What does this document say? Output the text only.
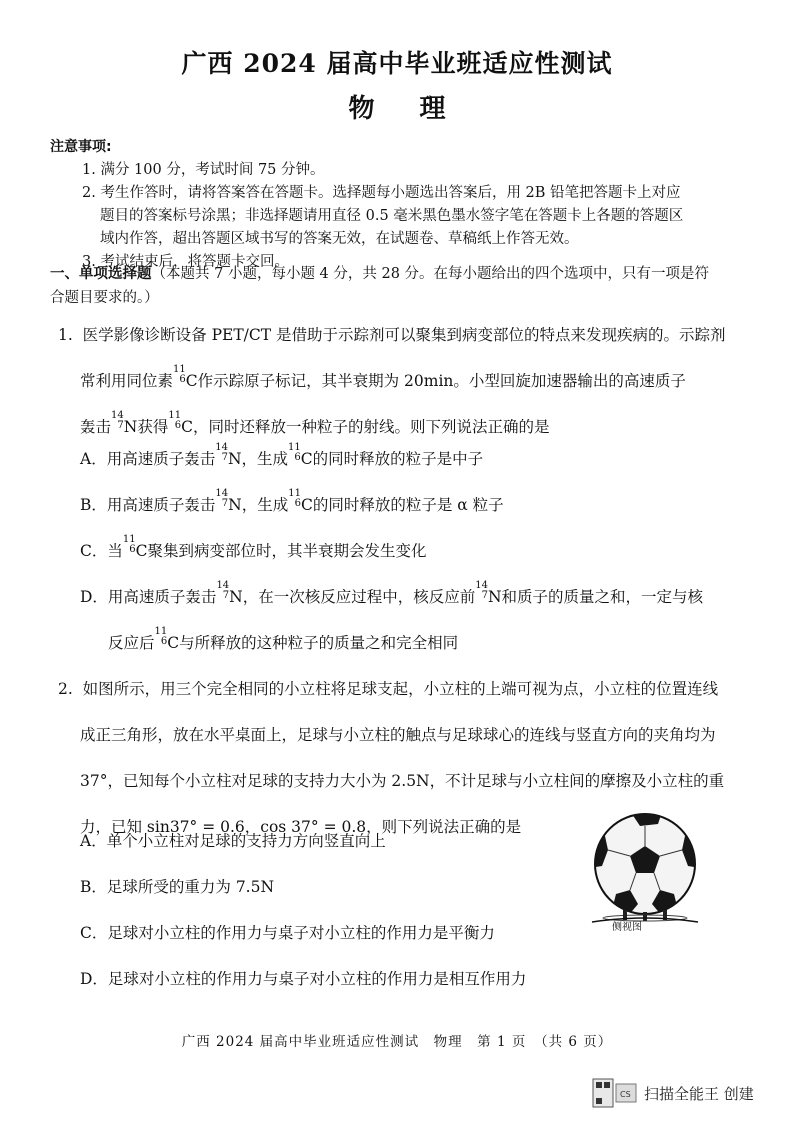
广西 2024 届高中毕业班适应性测试
物 理
注意事项:
1. 满分 100 分，考试时间 75 分钟。
2. 考生作答时，请将答案答在答题卡。选择题每小题选出答案后，用 2B 铅笔把答题卡上对应
题目的答案标号涂黑；非选择题请用直径 0.5 毫米黑色墨水签字笔在答题卡上各题的答题区
域内作答，超出答题区域书写的答案无效，在试题卷、草稿纸上作答无效。
3. 考试结束后，将答题卡交回。
一、单项选择题（本题共 7 小题，每小题 4 分，共 28 分。在每小题给出的四个选项中，只有一项是符
合题目要求的。）
1. 医学影像诊断设备 PET/CT 是借助于示踪剂可以聚集到病变部位的特点来发现疾病的。示踪剂
常利用同位素
11
6 C作示踪原子标记，其半衰期为 20min。小型回旋加速器输出的高速质子
轰击
14
7 N获得
11
6 C，同时还释放一种粒子的射线。则下列说法正确的是
A．用高速质子轰击
14
7 N，生成
11
6 C的同时释放的粒子是中子
B．用高速质子轰击
14
7 N，生成
11
6 C的同时释放的粒子是 α 粒子
C．当
11
6 C聚集到病变部位时，其半衰期会发生变化
D．用高速质子轰击
14
7 N，在一次核反应过程中，核反应前
14
7 N和质子的质量之和，一定与核
反应后
11
6 C与所释放的这种粒子的质量之和完全相同
2. 如图所示，用三个完全相同的小立柱将足球支起，小立柱的上端可视为点，小立柱的位置连线
成正三角形，放在水平桌面上，足球与小立柱的触点与足球球心的连线与竖直方向的夹角均为
37°，已知每个小立柱对足球的支持力大小为 2.5N，不计足球与小立柱间的摩擦及小立柱的重
力，已知 sin37° = 0.6，cos 37° = 0.8，则下列说法正确的是
A．单个小立柱对足球的支持力方向竖直向上
B．足球所受的重力为 7.5N
C．足球对小立柱的作用力与桌子对小立柱的作用力是平衡力
D．足球对小立柱的作用力与桌子对小立柱的作用力是相互作用力
侧视图
广西 2024 届高中毕业班适应性测试　物理　第 1 页　（共 6 页）
CS 扫描全能王 创建
